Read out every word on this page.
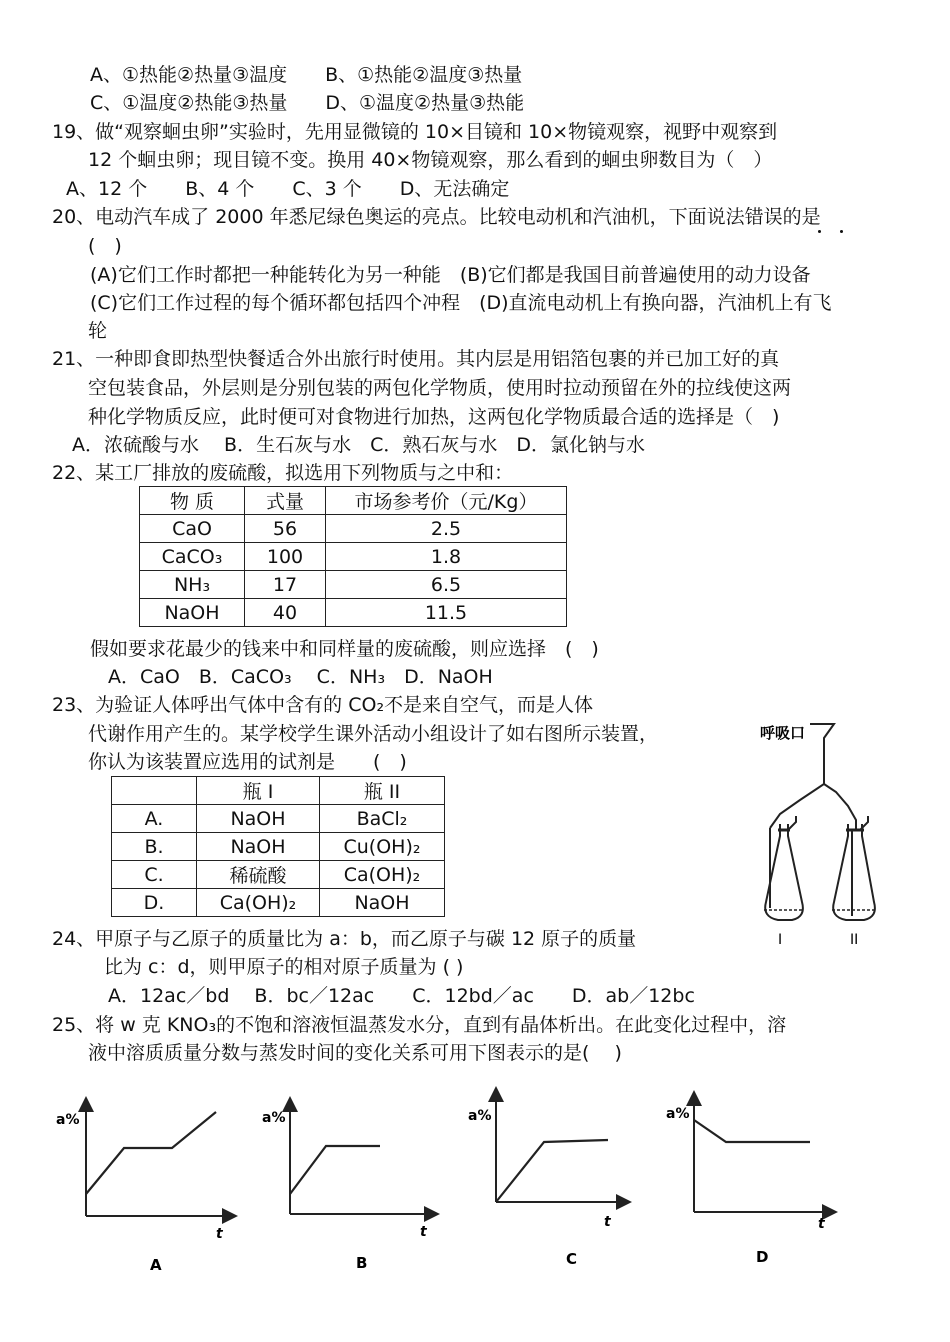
A、①热能②热量③温度　　B、①热能②温度③热量
C、①温度②热能③热量　　D、①温度②热量③热能
19、做“观察蛔虫卵”实验时，先用显微镜的 10×目镜和 10×物镜观察，视野中观察到
12 个蛔虫卵；现目镜不变。换用 40×物镜观察，那么看到的蛔虫卵数目为（　）
A、12 个　　B、4 个　　C、3 个　　D、无法确定
20、电动汽车成了 2000 年悉尼绿色奥运的亮点。比较电动机和汽油机，下面说法错误的是
(　)
(A)它们工作时都把一种能转化为另一种能　(B)它们都是我国目前普遍使用的动力设备
(C)它们工作过程的每个循环都包括四个冲程　(D)直流电动机上有换向器，汽油机上有飞
轮
21、一种即食即热型快餐适合外出旅行时使用。其内层是用铝箔包裹的并已加工好的真
空包装食品，外层则是分别包装的两包化学物质，使用时拉动预留在外的拉线使这两
种化学物质反应，此时便可对食物进行加热，这两包化学物质最合适的选择是（　)
A．浓硫酸与水　 B．生石灰与水　C．熟石灰与水　D．氯化钠与水
22、某工厂排放的废硫酸，拟选用下列物质与之中和：
物 质	式量	市场参考价（元/Kg）
CaO	56	2.5
CaCO₃	100	1.8
NH₃	17	6.5
NaOH	40	11.5
假如要求花最少的钱来中和同样量的废硫酸，则应选择　(　)
A．CaO　B．CaCO₃　 C．NH₃　D．NaOH
23、为验证人体呼出气体中含有的 CO₂不是来自空气，而是人体
代谢作用产生的。某学校学生课外活动小组设计了如右图所示装置，
你认为该装置应选用的试剂是　　(　)
	瓶 I	瓶 II
A.	NaOH	BaCl₂
B.	NaOH	Cu(OH)₂
C.	稀硫酸	Ca(OH)₂
D.	Ca(OH)₂	NaOH
呼吸口
I	II
24、甲原子与乙原子的质量比为 a：b，而乙原子与碳 12 原子的质量
比为 c：d，则甲原子的相对原子质量为 ( )
A．12ac／bd　 B．bc／12ac　　C．12bd／ac　　D．ab／12bc
25、将 w 克 KNO₃的不饱和溶液恒温蒸发水分，直到有晶体析出。在此变化过程中，溶
液中溶质质量分数与蒸发时间的变化关系可用下图表示的是(　 )
a%
t
A
a%
t
B
a%
t
C
a%
t
D
